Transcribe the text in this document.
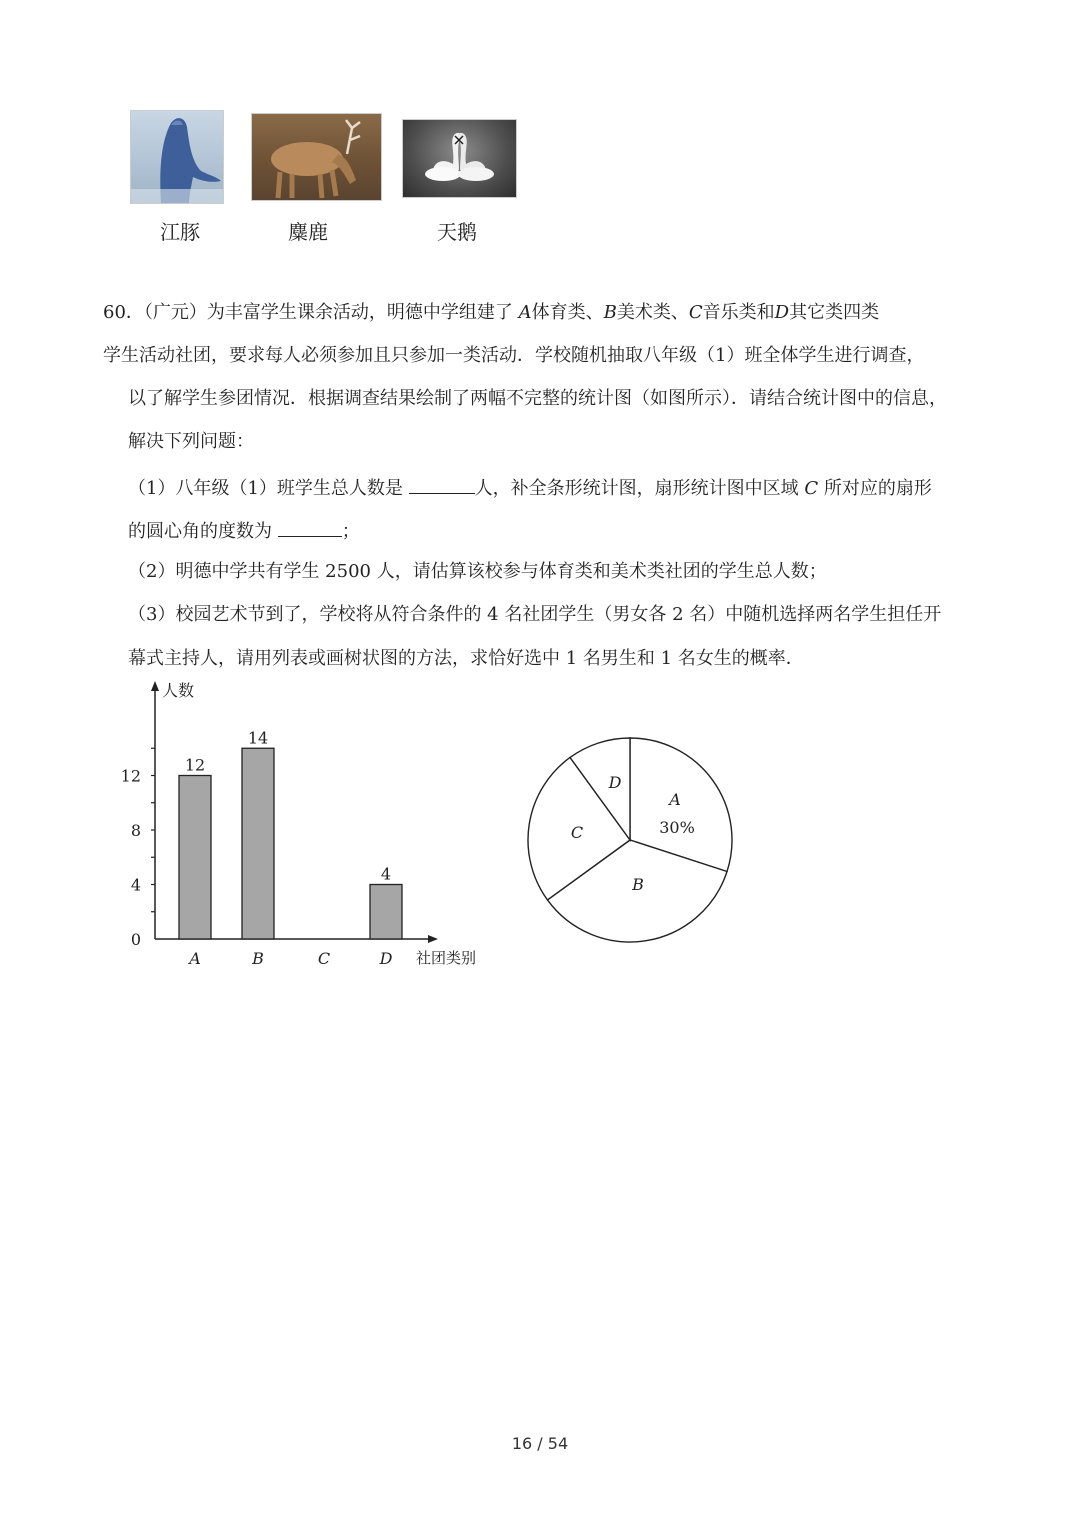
江豚	麋鹿	天鹅
60．（广元）为丰富学生课余活动，明德中学组建了 A体育类、B美术类、C音乐类和D其它类四类
学生活动社团，要求每人必须参加且只参加一类活动．学校随机抽取八年级（1）班全体学生进行调查，
以了解学生参团情况．根据调查结果绘制了两幅不完整的统计图（如图所示）．请结合统计图中的信息，
解决下列问题：
（1）八年级（1）班学生总人数是	人，补全条形统计图，扇形统计图中区域 C 所对应的扇形
的圆心角的度数为	；
（2）明德中学共有学生 2500 人，请估算该校参与体育类和美术类社团的学生总人数；
（3）校园艺术节到了，学校将从符合条件的 4 名社团学生（男女各 2 名）中随机选择两名学生担任开
幕式主持人，请用列表或画树状图的方法，求恰好选中 1 名男生和 1 名女生的概率．
人数
社团类别
0
4
8
12
12
A
14
B	C
4
D
A
B
C
D
30%
16 / 54
